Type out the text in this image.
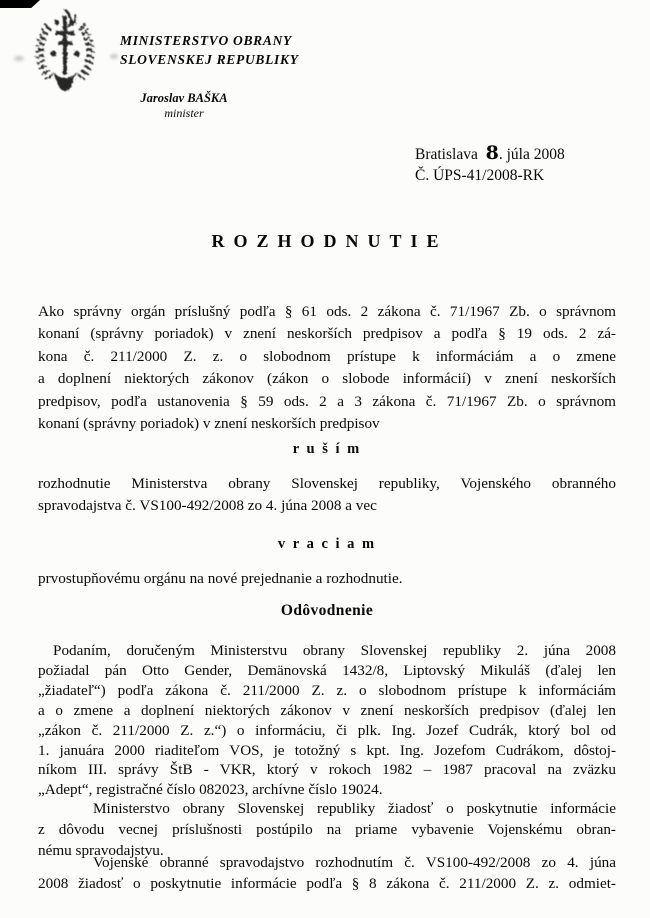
MINISTERSTVO OBRANY
SLOVENSKEJ REPUBLIKY
Jaroslav BAŠKA
minister
Bratislava 8. júla 2008
Č. ÚPS-41/2008-RK
ROZHODNUTIE
Ako správny orgán príslušný podľa § 61 ods. 2 zákona č. 71/1967 Zb. o správnom
konaní (správny poriadok) v znení neskorších predpisov a podľa § 19 ods. 2 zá-
kona č. 211/2000 Z. z. o slobodnom prístupe k informáciám a o zmene
a doplnení niektorých zákonov (zákon o slobode informácií) v znení neskorších
predpisov, podľa ustanovenia § 59 ods. 2 a 3 zákona č. 71/1967 Zb. o správnom
konaní (správny poriadok) v znení neskorších predpisov
r u š í m
rozhodnutie Ministerstva obrany Slovenskej republiky, Vojenského obranného
spravodajstva č. VS100-492/2008 zo 4. júna 2008 a vec
v r a c i a m
prvostupňovému orgánu na nové prejednanie a rozhodnutie.
Odôvodnenie
Podaním, doručeným Ministerstvu obrany Slovenskej republiky 2. júna 2008
požiadal pán Otto Gender, Demänovská 1432/8, Liptovský Mikuláš (ďalej len
„žiadateľ“) podľa zákona č. 211/2000 Z. z. o slobodnom prístupe k informáciám
a o zmene a doplnení niektorých zákonov v znení neskorších predpisov (ďalej len
„zákon č. 211/2000 Z. z.“) o informáciu, či plk. Ing. Jozef Cudrák, ktorý bol od
1. januára 2000 riaditeľom VOS, je totožný s kpt. Ing. Jozefom Cudrákom, dôstoj-
níkom III. správy ŠtB - VKR, ktorý v rokoch 1982 – 1987 pracoval na zväzku
„Adept“, registračné číslo 082023, archívne číslo 19024.
Ministerstvo obrany Slovenskej republiky žiadosť o poskytnutie informácie
z dôvodu vecnej príslušnosti postúpilo na priame vybavenie Vojenskému obran-
nému spravodajstvu.
Vojenské obranné spravodajstvo rozhodnutím č. VS100-492/2008 zo 4. júna
2008 žiadosť o poskytnutie informácie podľa § 8 zákona č. 211/2000 Z. z. odmiet-
